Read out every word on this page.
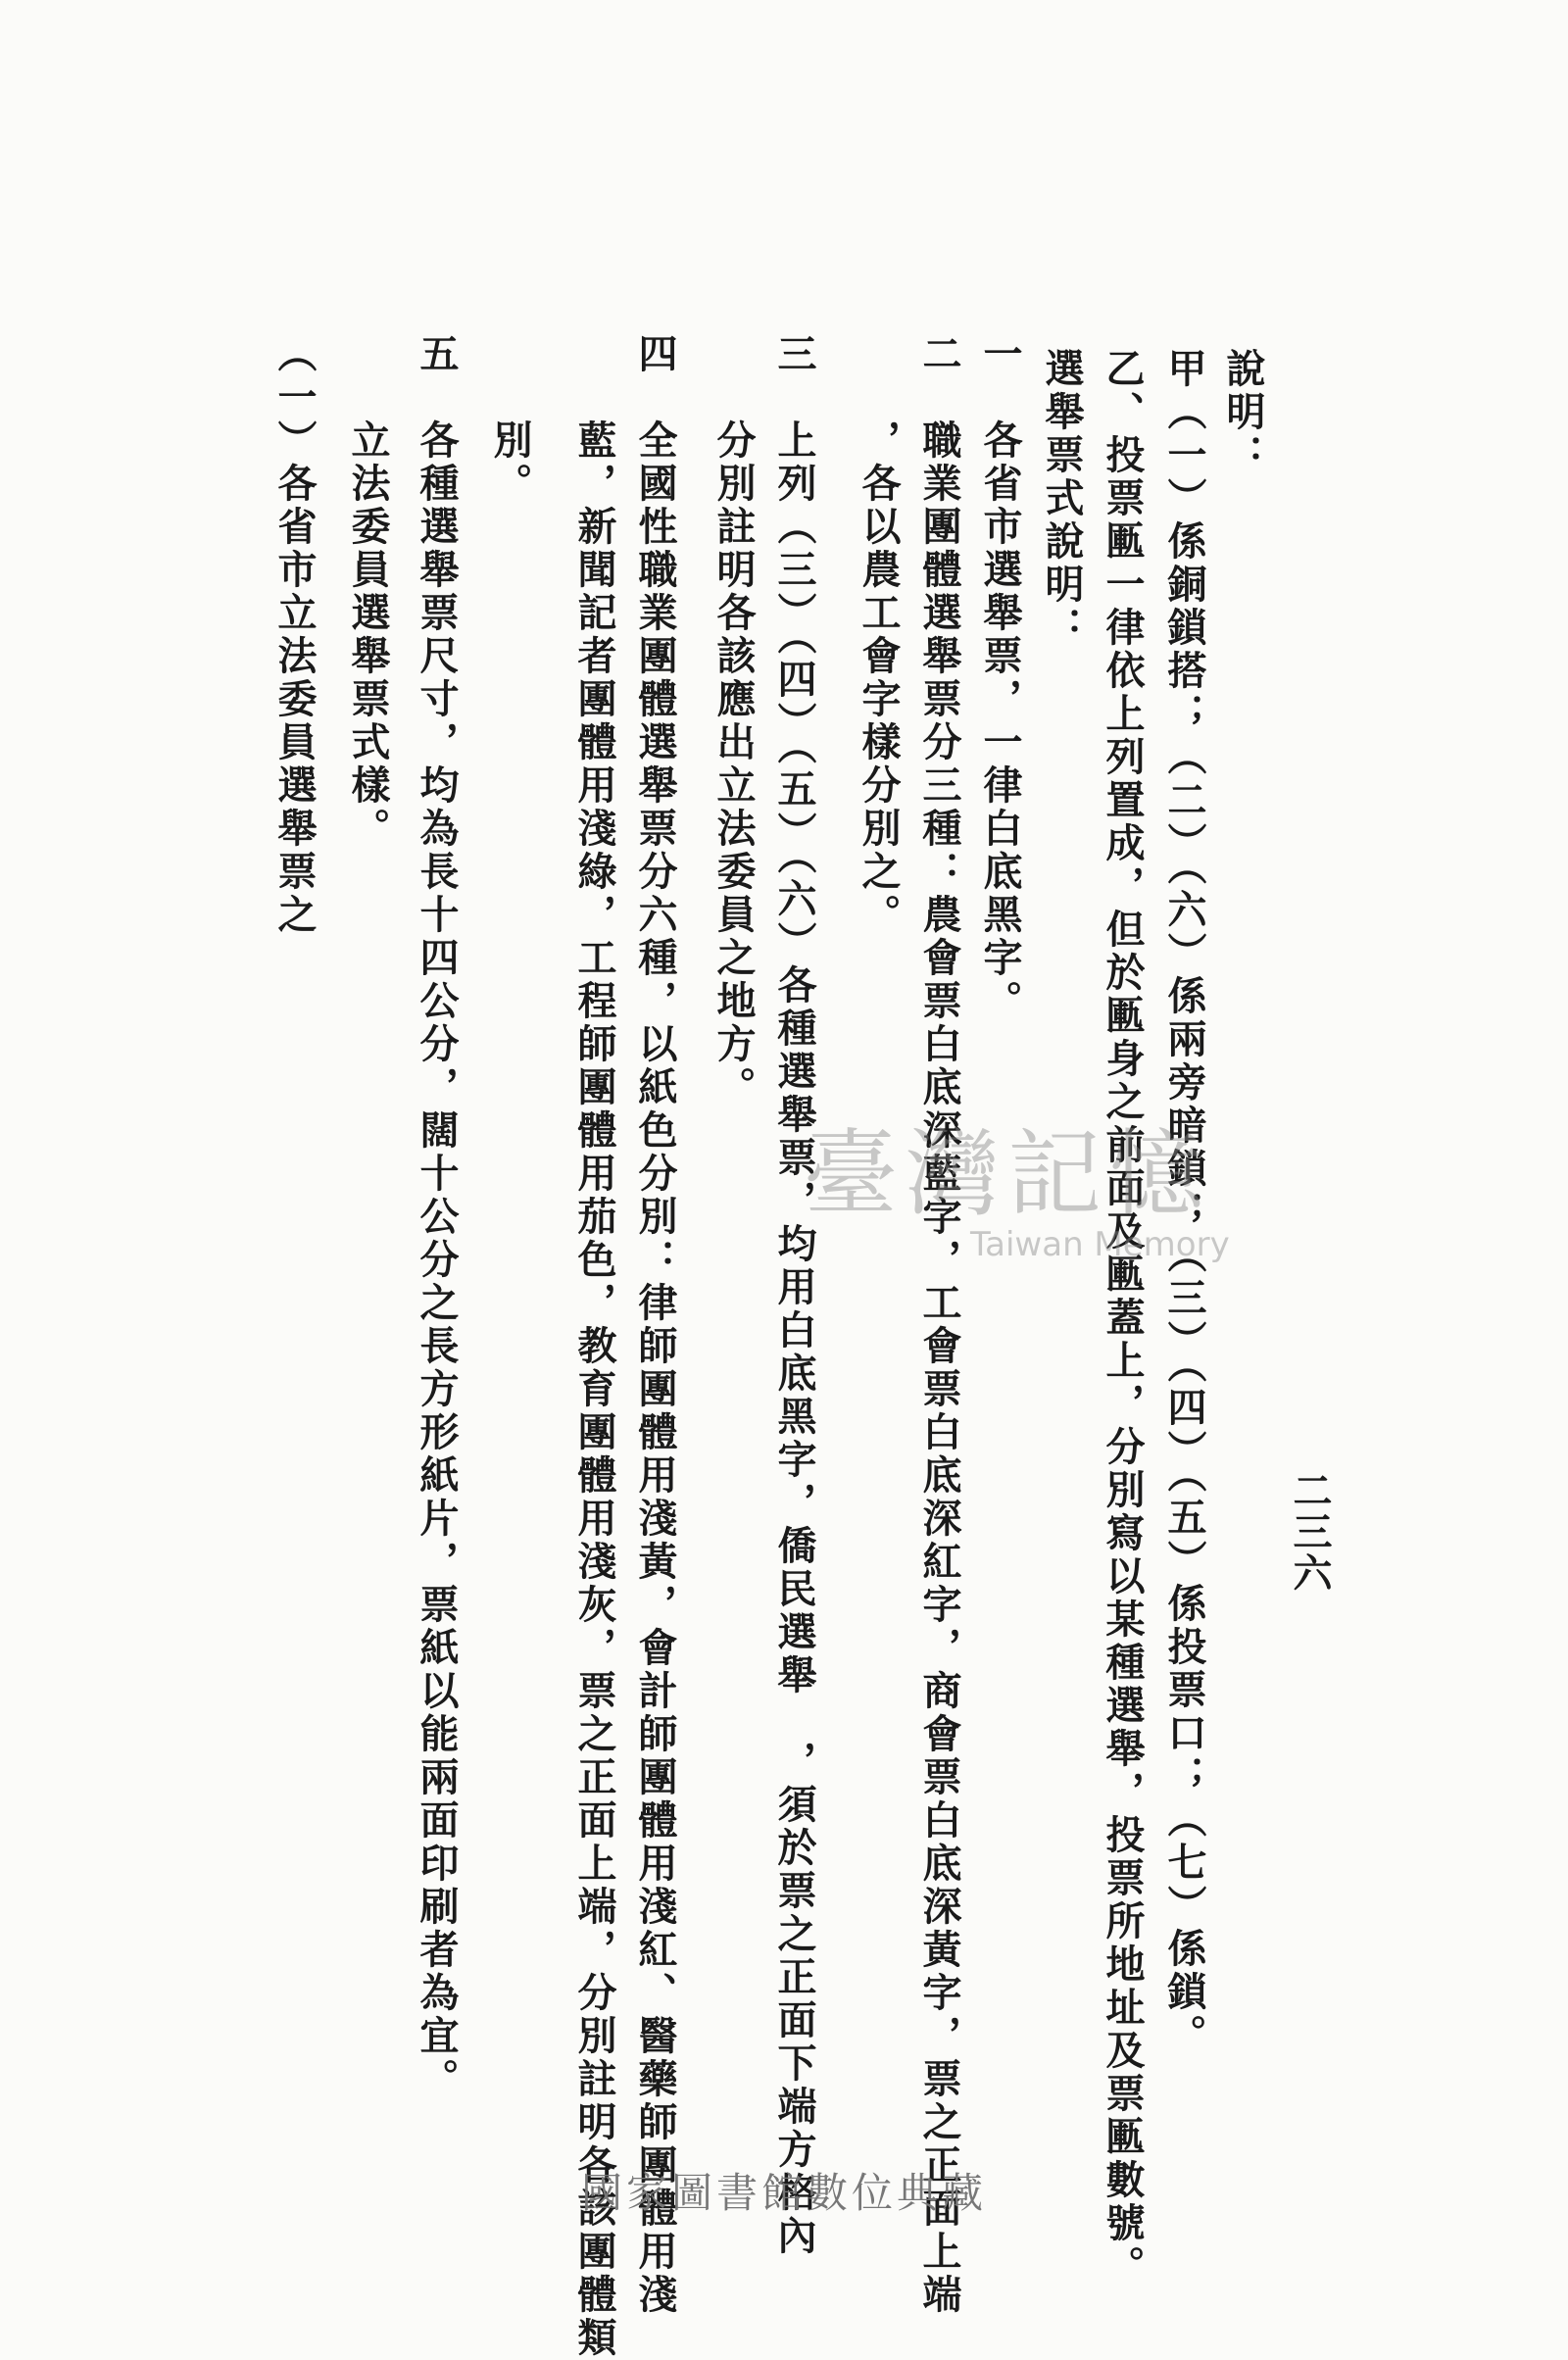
二三六
說明：
甲（一）係銅鎖搭；（二）（六）係兩旁暗鎖；（三）（四）（五）係投票口；（七）係鎖。
乙、投票匭一律依上列置成，但於匭身之前面及匭蓋上，分別寫以某種選舉，投票所地址及票匭數號。
選舉票式說明：
一　各省市選舉票，一律白底黑字。
二　職業團體選舉票分三種：農會票白底深藍字，工會票白底深紅字，商會票白底深黃字，票之正面上端
　　，各以農工會字樣分別之。
三　上列（三）（四）（五）（六）各種選舉票，均用白底黑字，僑民選舉　，須於票之正面下端方格內
　　分別註明各該應出立法委員之地方。
四　全國性職業團體選舉票分六種，以紙色分別：律師團體用淺黃，會計師團體用淺紅、醫藥師團體用淺
　　藍，新聞記者團體用淺綠，工程師團體用茄色，教育團體用淺灰，票之正面上端，分別註明各該團體類
　　別。
五　各種選舉票尺寸，均為長十四公分，闊十公分之長方形紙片，票紙以能兩面印刷者為宜。
　　立法委員選舉票式樣。
（一）各省市立法委員選舉票之
臺灣記憶
Taiwan Memory
國家圖書館數位典藏
